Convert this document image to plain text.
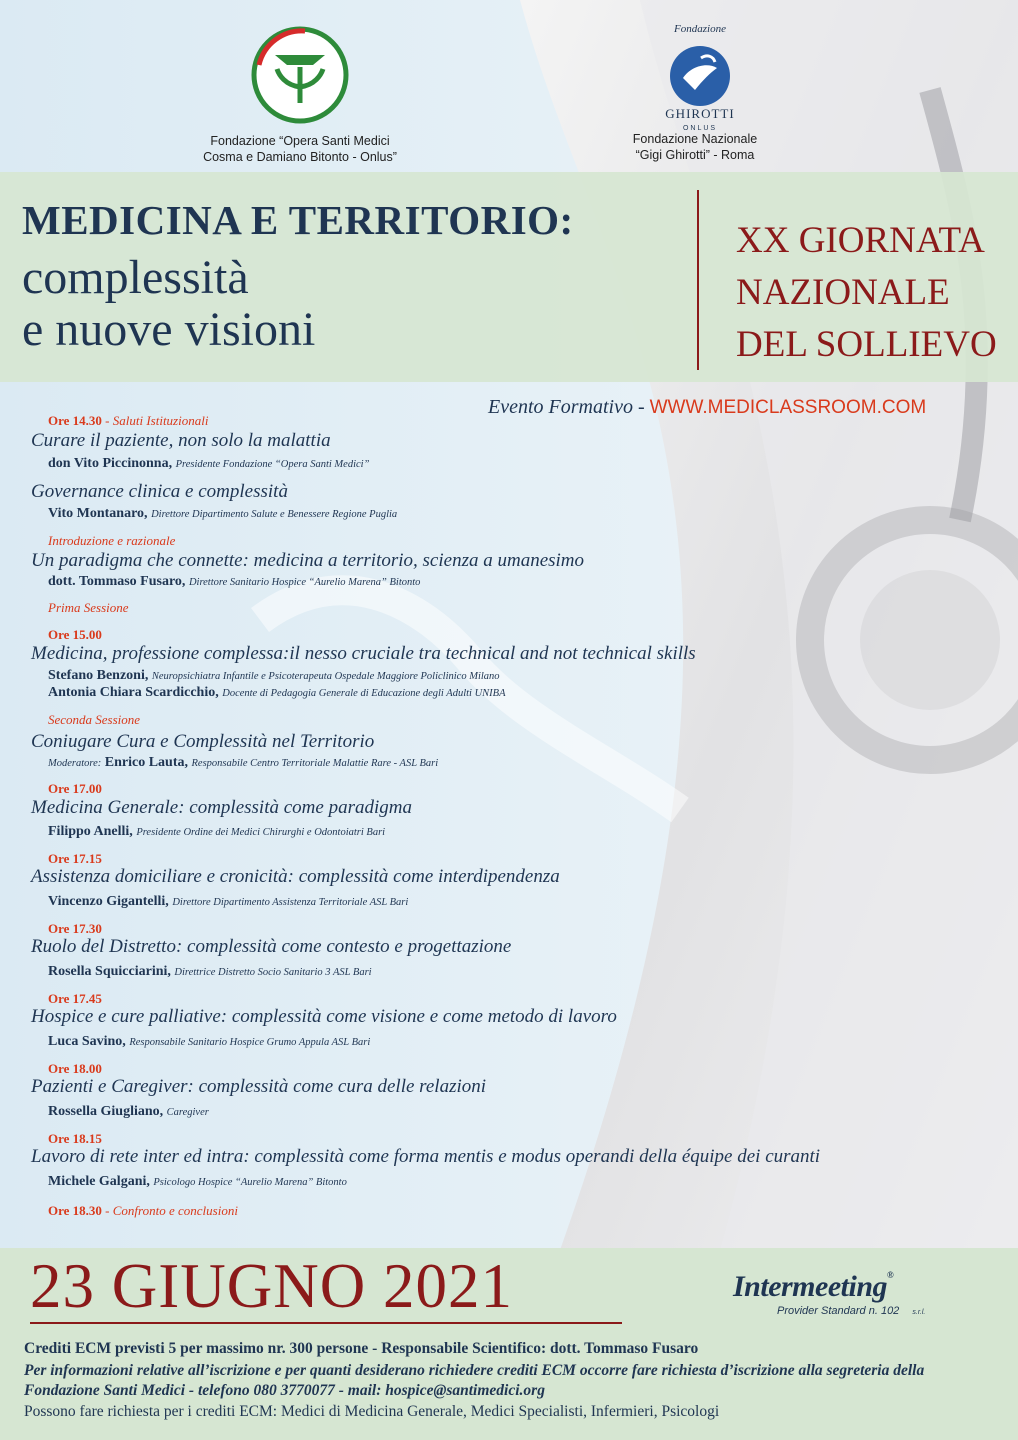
Fondazione “Opera Santi Medici
Cosma e Damiano Bitonto - Onlus”
Fondazione
GHIROTTI
ONLUS
Fondazione Nazionale
“Gigi Ghirotti” - Roma
MEDICINA E TERRITORIO:
complessità
e nuove visioni
XX GIORNATA
NAZIONALE
DEL SOLLIEVO
Evento Formativo - WWW.MEDICLASSROOM.COM
Ore 14.30 - Saluti Istituzionali
Curare il paziente, non solo la malattia
don Vito Piccinonna, Presidente Fondazione “Opera Santi Medici”
Governance clinica e complessità
Vito Montanaro, Direttore Dipartimento Salute e Benessere Regione Puglia
Introduzione e razionale
Un paradigma che connette: medicina a territorio, scienza a umanesimo
dott. Tommaso Fusaro, Direttore Sanitario Hospice “Aurelio Marena” Bitonto
Prima Sessione
Ore 15.00
Medicina, professione complessa:il nesso cruciale tra technical and not technical skills
Stefano Benzoni, Neuropsichiatra Infantile e Psicoterapeuta Ospedale Maggiore Policlinico Milano
Antonia Chiara Scardicchio, Docente di Pedagogia Generale di Educazione degli Adulti UNIBA
Seconda Sessione
Coniugare Cura e Complessità nel Territorio
Moderatore: Enrico Lauta, Responsabile Centro Territoriale Malattie Rare - ASL Bari
Ore 17.00
Medicina Generale: complessità come paradigma
Filippo Anelli, Presidente Ordine dei Medici Chirurghi e Odontoiatri Bari
Ore 17.15
Assistenza domiciliare e cronicità: complessità come interdipendenza
Vincenzo Gigantelli, Direttore Dipartimento Assistenza Territoriale ASL Bari
Ore 17.30
Ruolo del Distretto: complessità come contesto e progettazione
Rosella Squicciarini, Direttrice Distretto Socio Sanitario 3 ASL Bari
Ore 17.45
Hospice e cure palliative: complessità come visione e come metodo di lavoro
Luca Savino, Responsabile Sanitario Hospice Grumo Appula ASL Bari
Ore 18.00
Pazienti e Caregiver: complessità come cura delle relazioni
Rossella Giugliano, Caregiver
Ore 18.15
Lavoro di rete inter ed intra: complessità come forma mentis e modus operandi della équipe dei curanti
Michele Galgani, Psicologo Hospice “Aurelio Marena” Bitonto
Ore 18.30 - Confronto e conclusioni
23 GIUGNO 2021	Intermeeting®
Provider Standard n. 102 s.r.l.
Crediti ECM previsti 5 per massimo nr. 300 persone - Responsabile Scientifico: dott. Tommaso Fusaro
Per informazioni relative all’iscrizione e per quanti desiderano richiedere crediti ECM occorre fare richiesta d’iscrizione alla segreteria della Fondazione Santi Medici - telefono 080 3770077 - mail: hospice@santimedici.org
Possono fare richiesta per i crediti ECM: Medici di Medicina Generale, Medici Specialisti, Infermieri, Psicologi
